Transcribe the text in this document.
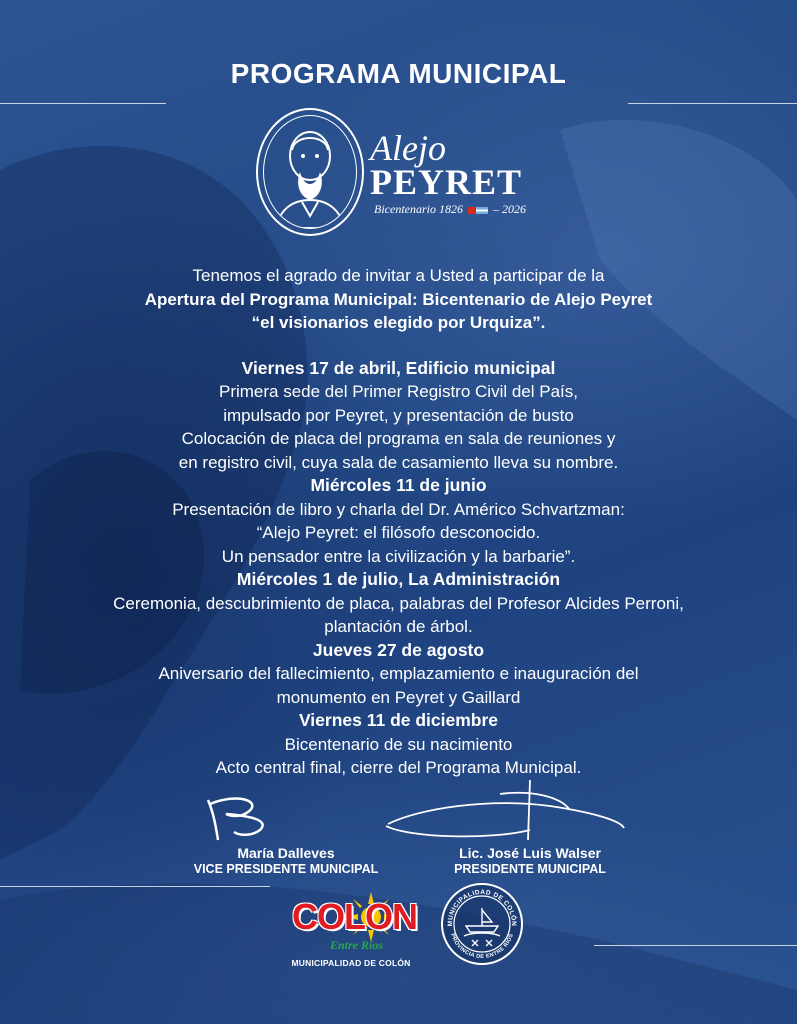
PROGRAMA MUNICIPAL
Alejo
PEYRET
Bicentenario 1826	– 2026

Tenemos el agrado de invitar a Usted a participar de la

Apertura del Programa Municipal: Bicentenario de Alejo Peyret

“el visionarios elegido por Urquiza”.

Viernes 17 de abril, Edificio municipal

Primera sede del Primer Registro Civil del País,

impulsado por Peyret, y presentación de busto

Colocación de placa del programa en sala de reuniones y

en registro civil, cuya sala de casamiento lleva su nombre.

Miércoles 11 de junio

Presentación de libro y charla del Dr. Américo Schvartzman:

“Alejo Peyret: el filósofo desconocido.

Un pensador entre la civilización y la barbarie”.

Miércoles 1 de julio, La Administración

Ceremonia, descubrimiento de placa, palabras del Profesor Alcides Perroni,

plantación de árbol.

Jueves 27 de agosto

Aniversario del fallecimiento, emplazamiento e inauguración del

monumento en Peyret y Gaillard

Viernes 11 de diciembre

Bicentenario de su nacimiento

Acto central final, cierre del Programa Municipal.

María Dalleves
VICE PRESIDENTE MUNICIPAL
Lic. José Luis Walser
PRESIDENTE MUNICIPAL
COLON
Entre Ríos
MUNICIPALIDAD DE COLÓN
MUNICIPALIDAD DE COLÓN
PROVINCIA DE ENTRE RÍOS
